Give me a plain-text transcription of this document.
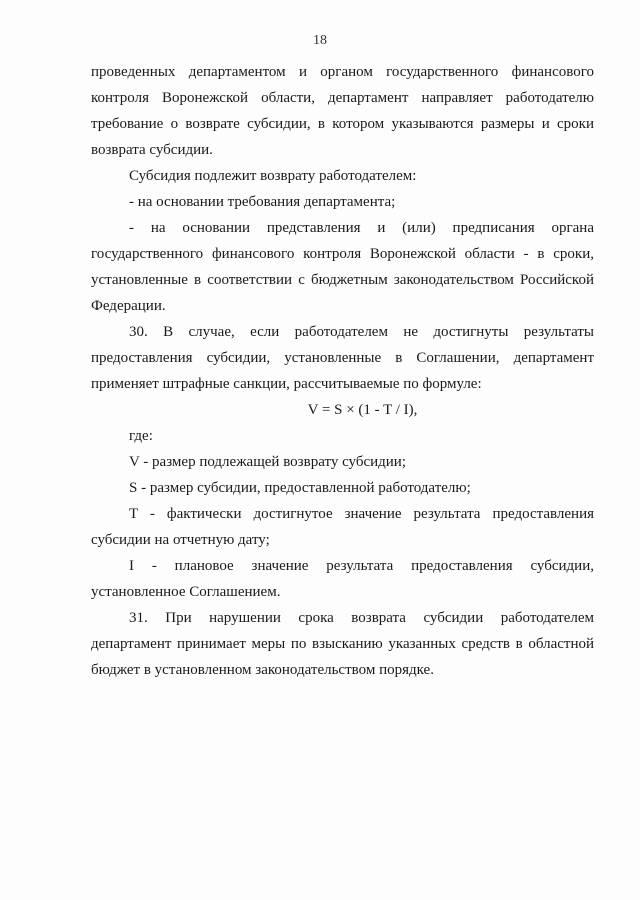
18

проведенных департаментом и органом государственного финансового контроля Воронежской области, департамент направляет работодателю требование о возврате субсидии, в котором указываются размеры и сроки возврата субсидии.

Субсидия подлежит возврату работодателем:

- на основании требования департамента;

- на основании представления и (или) предписания органа государственного финансового контроля Воронежской области - в сроки, установленные в соответствии с бюджетным законодательством Российской Федерации.

30. В случае, если работодателем не достигнуты результаты предоставления субсидии, установленные в Соглашении, департамент применяет штрафные санкции, рассчитываемые по формуле:

V = S × (1 - T / I),

где:

V - размер подлежащей возврату субсидии;

S - размер субсидии, предоставленной работодателю;

T - фактически достигнутое значение результата предоставления субсидии на отчетную дату;

I - плановое значение результата предоставления субсидии, установленное Соглашением.

31. При нарушении срока возврата субсидии работодателем департамент принимает меры по взысканию указанных средств в областной бюджет в установленном законодательством порядке.
